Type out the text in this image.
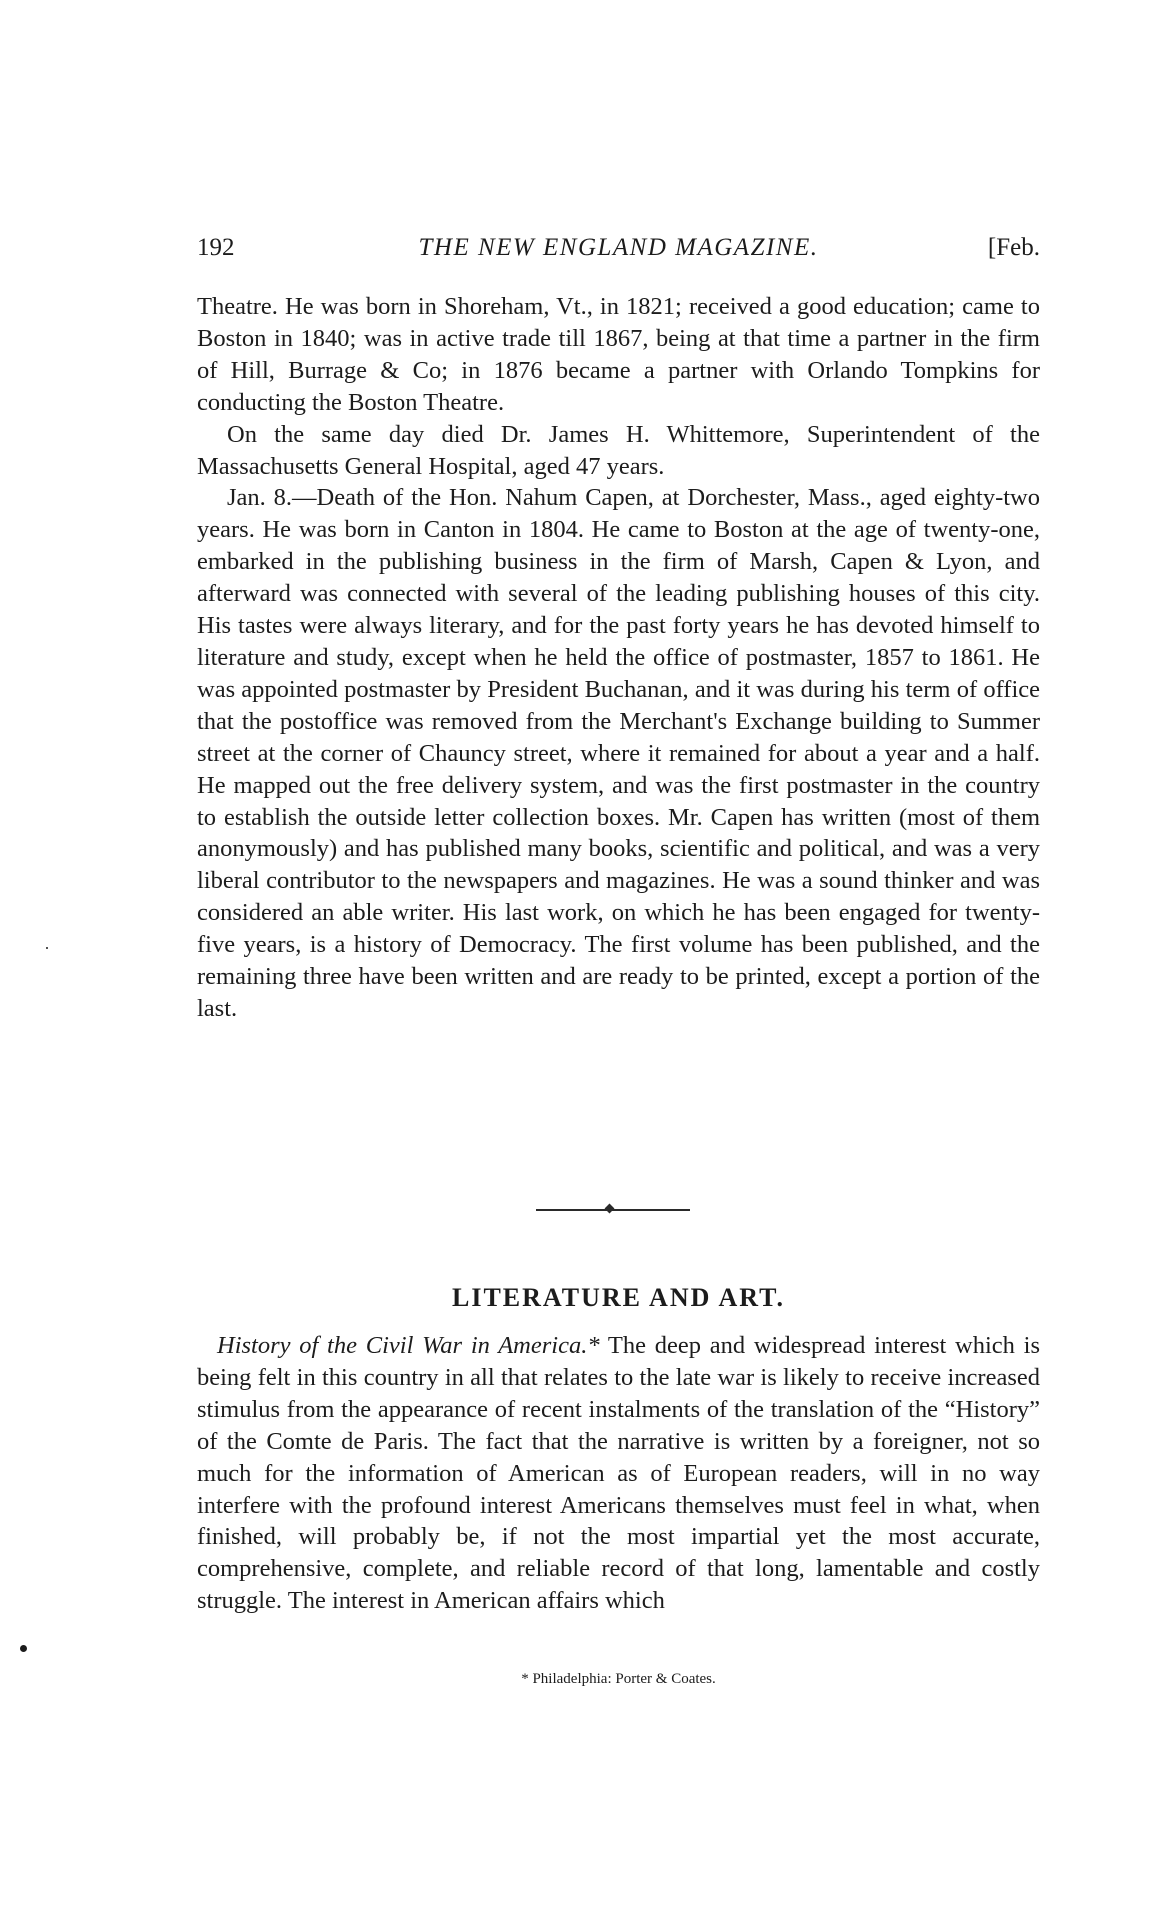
192	THE NEW ENGLAND MAGAZINE.	[Feb.

Theatre. He was born in Shoreham, Vt., in 1821; received a good education; came to Boston in 1840; was in active trade till 1867, being at that time a partner in the firm of Hill, Burrage & Co; in 1876 became a partner with Orlando Tompkins for conducting the Boston Theatre.

On the same day died Dr. James H. Whittemore, Superintendent of the Massachusetts General Hospital, aged 47 years.

Jan. 8.—Death of the Hon. Nahum Capen, at Dorchester, Mass., aged eighty-two years. He was born in Canton in 1804. He came to Boston at the age of twenty-one, embarked in the publishing business in the firm of Marsh, Capen & Lyon, and afterward was connected with several of the leading publishing houses of this city. His tastes were always literary, and for the past forty years he has devoted himself to literature and study, except when he held the office of postmaster, 1857 to 1861. He was appointed postmaster by President Buchanan, and it was during his term of office that the postoffice was removed from the Merchant's Exchange building to Summer street at the corner of Chauncy street, where it remained for about a year and a half. He mapped out the free delivery system, and was the first postmaster in the country to establish the outside letter collection boxes. Mr. Capen has written (most of them anonymously) and has published many books, scientific and political, and was a very liberal contributor to the newspapers and magazines. He was a sound thinker and was considered an able writer. His last work, on which he has been engaged for twenty-five years, is a history of Democracy. The first volume has been published, and the remaining three have been written and are ready to be printed, except a portion of the last.

LITERATURE AND ART.

History of the Civil War in America.* The deep and widespread interest which is being felt in this country in all that relates to the late war is likely to receive increased stimulus from the appearance of recent instalments of the translation of the “History” of the Comte de Paris. The fact that the narrative is written by a foreigner, not so much for the information of American as of European readers, will in no way interfere with the profound interest Americans themselves must feel in what, when finished, will probably be, if not the most impartial yet the most accurate, comprehensive, complete, and reliable record of that long, lamentable and costly struggle. The interest in American affairs which

* Philadelphia: Porter & Coates.
